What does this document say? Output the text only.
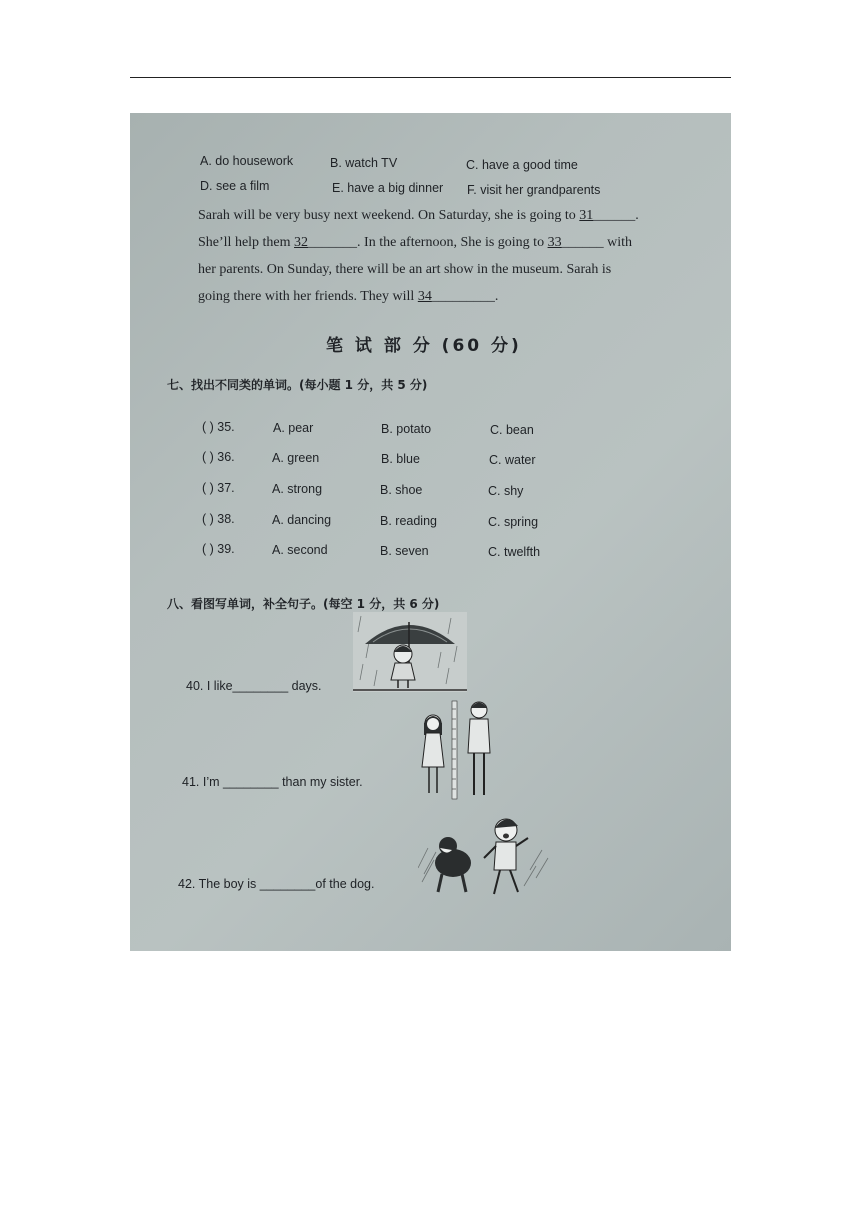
A. do housework	B. watch TV	C. have a good time
D. see a film	E. have a big dinner F. visit her grandparents
Sarah will be very busy next weekend. On Saturday, she is going to 31______.
She’ll help them 32_______. In the afternoon, She is going to 33______ with
her parents. On Sunday, there will be an art show in the museum. Sarah is
going there with her friends. They will 34_________.
笔 试 部 分 (60 分)
七、找出不同类的单词。(每小题 1 分，共 5 分)
( ) 35.	A. pear	B. potato	C. bean
( ) 36.	A. green	B. blue	C. water
( ) 37.	A. strong	B. shoe	C. shy
( ) 38.	A. dancing	B. reading	C. spring
( ) 39.	A. second	B. seven	C. twelfth
八、看图写单词，补全句子。(每空 1 分，共 6 分)
40. I like________ days.
41. I’m ________ than my sister.
42. The boy is ________of the dog.
